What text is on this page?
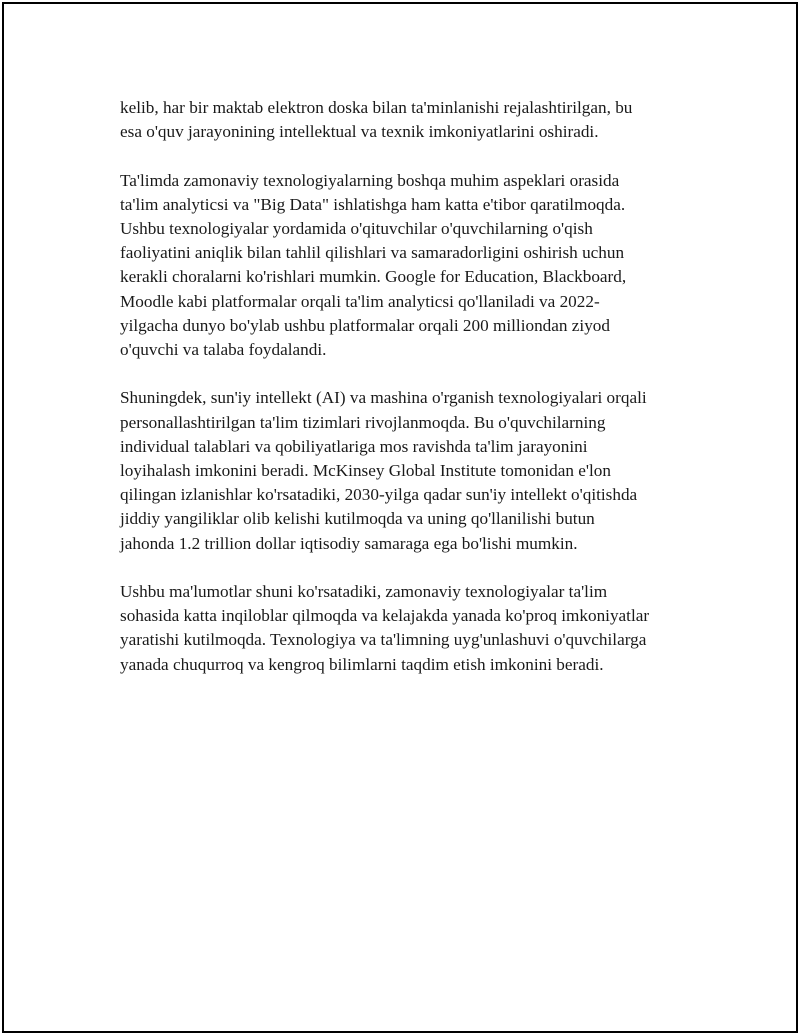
kelib, har bir maktab elektron doska bilan ta'minlanishi rejalashtirilgan, bu
esa o'quv jarayonining intellektual va texnik imkoniyatlarini oshiradi.

Ta'limda zamonaviy texnologiyalarning boshqa muhim aspeklari orasida
ta'lim analyticsi va "Big Data" ishlatishga ham katta e'tibor qaratilmoqda.
Ushbu texnologiyalar yordamida o'qituvchilar o'quvchilarning o'qish
faoliyatini aniqlik bilan tahlil qilishlari va samaradorligini oshirish uchun
kerakli choralarni ko'rishlari mumkin. Google for Education, Blackboard,
Moodle kabi platformalar orqali ta'lim analyticsi qo'llaniladi va 2022-
yilgacha dunyo bo'ylab ushbu platformalar orqali 200 milliondan ziyod
o'quvchi va talaba foydalandi.

Shuningdek, sun'iy intellekt (AI) va mashina o'rganish texnologiyalari orqali
personallashtirilgan ta'lim tizimlari rivojlanmoqda. Bu o'quvchilarning
individual talablari va qobiliyatlariga mos ravishda ta'lim jarayonini
loyihalash imkonini beradi. McKinsey Global Institute tomonidan e'lon
qilingan izlanishlar ko'rsatadiki, 2030-yilga qadar sun'iy intellekt o'qitishda
jiddiy yangiliklar olib kelishi kutilmoqda va uning qo'llanilishi butun
jahonda 1.2 trillion dollar iqtisodiy samaraga ega bo'lishi mumkin.

Ushbu ma'lumotlar shuni ko'rsatadiki, zamonaviy texnologiyalar ta'lim
sohasida katta inqiloblar qilmoqda va kelajakda yanada ko'proq imkoniyatlar
yaratishi kutilmoqda. Texnologiya va ta'limning uyg'unlashuvi o'quvchilarga
yanada chuqurroq va kengroq bilimlarni taqdim etish imkonini beradi.
